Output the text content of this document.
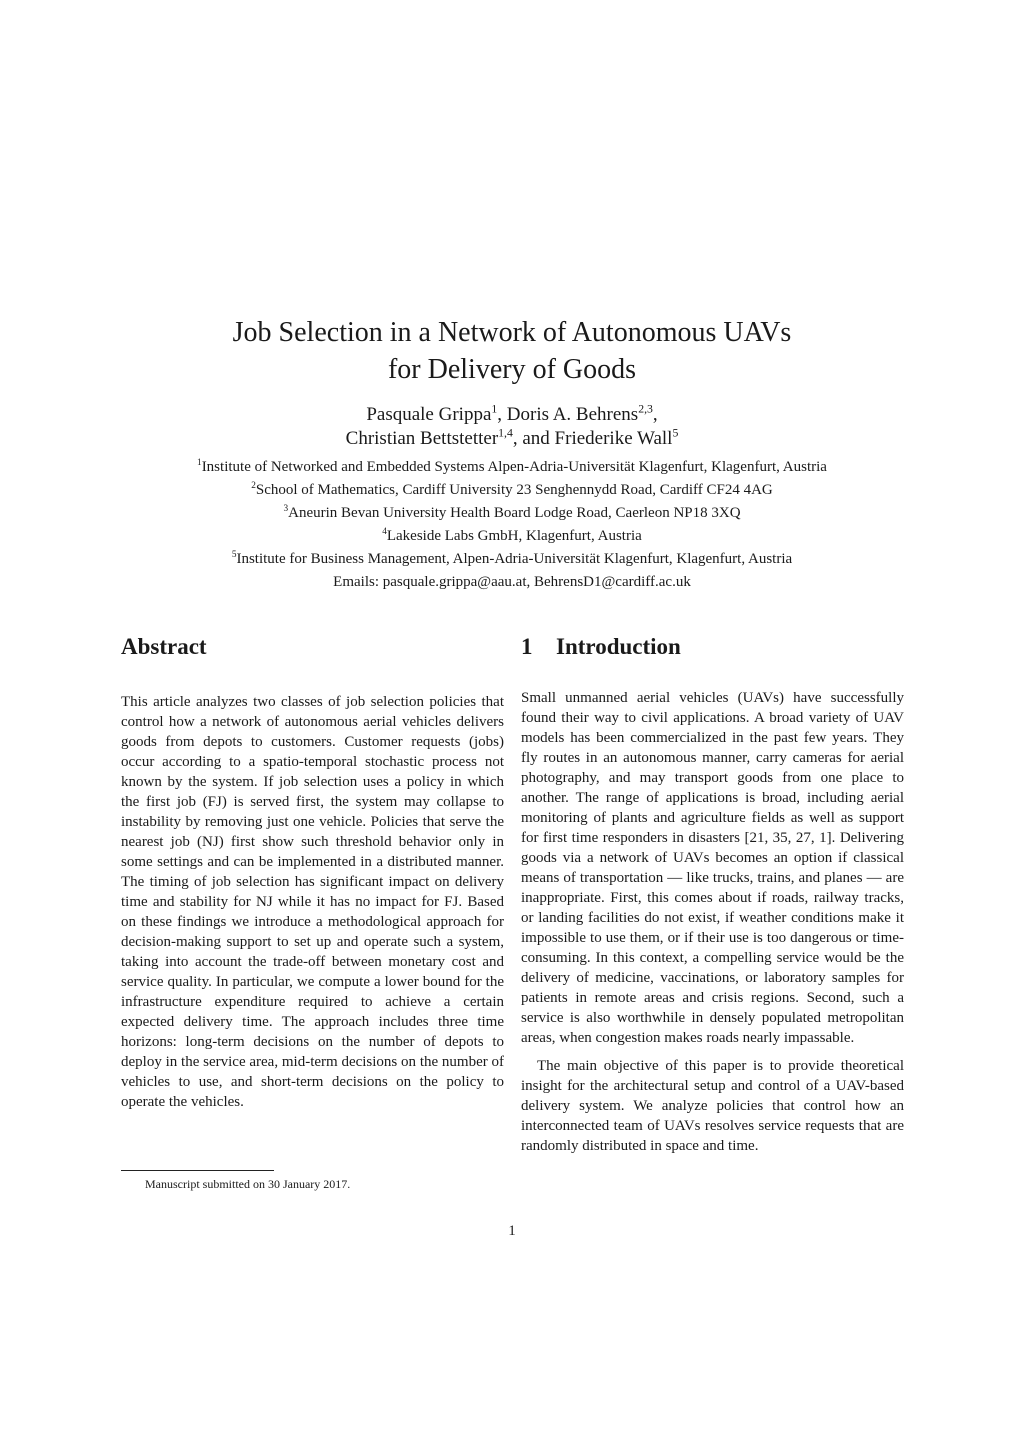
Job Selection in a Network of Autonomous UAVs
for Delivery of Goods
Pasquale Grippa$^1$, Doris A. Behrens$^{2,3}$,
Christian Bettstetter$^{1,4}$, and Friederike Wall$^5$
$^1$Institute of Networked and Embedded Systems Alpen-Adria-Universität Klagenfurt, Klagenfurt, Austria
$^2$School of Mathematics, Cardiff University 23 Senghennydd Road, Cardiff CF24 4AG
$^3$Aneurin Bevan University Health Board Lodge Road, Caerleon NP18 3XQ
$^4$Lakeside Labs GmbH, Klagenfurt, Austria
$^5$Institute for Business Management, Alpen-Adria-Universität Klagenfurt, Klagenfurt, Austria
Emails: pasquale.grippa@aau.at, BehrensD1@cardiff.ac.uk
Abstract	1 Introduction

This article analyzes two classes of job selection policies that control how a network of autonomous aerial vehicles delivers goods from depots to customers. Customer requests (jobs) occur according to a spatio-temporal stochastic process not known by the system. If job selection uses a policy in which the first job (FJ) is served first, the system may collapse to instability by removing just one vehicle. Policies that serve the nearest job (NJ) first show such threshold behavior only in some settings and can be implemented in a distributed manner. The timing of job selection has significant impact on delivery time and stability for NJ while it has no impact for FJ. Based on these findings we introduce a methodological approach for decision-making support to set up and operate such a system, taking into account the trade-off between monetary cost and service quality. In particular, we compute a lower bound for the infrastructure expenditure required to achieve a certain expected delivery time. The approach includes three time horizons: long-term decisions on the number of depots to deploy in the service area, mid-term decisions on the number of vehicles to use, and short-term decisions on the policy to operate the vehicles.

Small unmanned aerial vehicles (UAVs) have successfully found their way to civil applications. A broad variety of UAV models has been commercialized in the past few years. They fly routes in an autonomous manner, carry cameras for aerial photography, and may transport goods from one place to another. The range of applications is broad, including aerial monitoring of plants and agriculture fields as well as support for first time responders in disasters [21, 35, 27, 1]. Delivering goods via a network of UAVs becomes an option if classical means of transportation — like trucks, trains, and planes — are inappropriate. First, this comes about if roads, railway tracks, or landing facilities do not exist, if weather conditions make it impossible to use them, or if their use is too dangerous or time-consuming. In this context, a compelling service would be the delivery of medicine, vaccinations, or laboratory samples for patients in remote areas and crisis regions. Second, such a service is also worthwhile in densely populated metropolitan areas, when congestion makes roads nearly impassable.

The main objective of this paper is to provide theoretical insight for the architectural setup and control of a UAV-based delivery system. We analyze policies that control how an interconnected team of UAVs resolves service requests that are randomly distributed in space and time.

Manuscript submitted on 30 January 2017.
1
